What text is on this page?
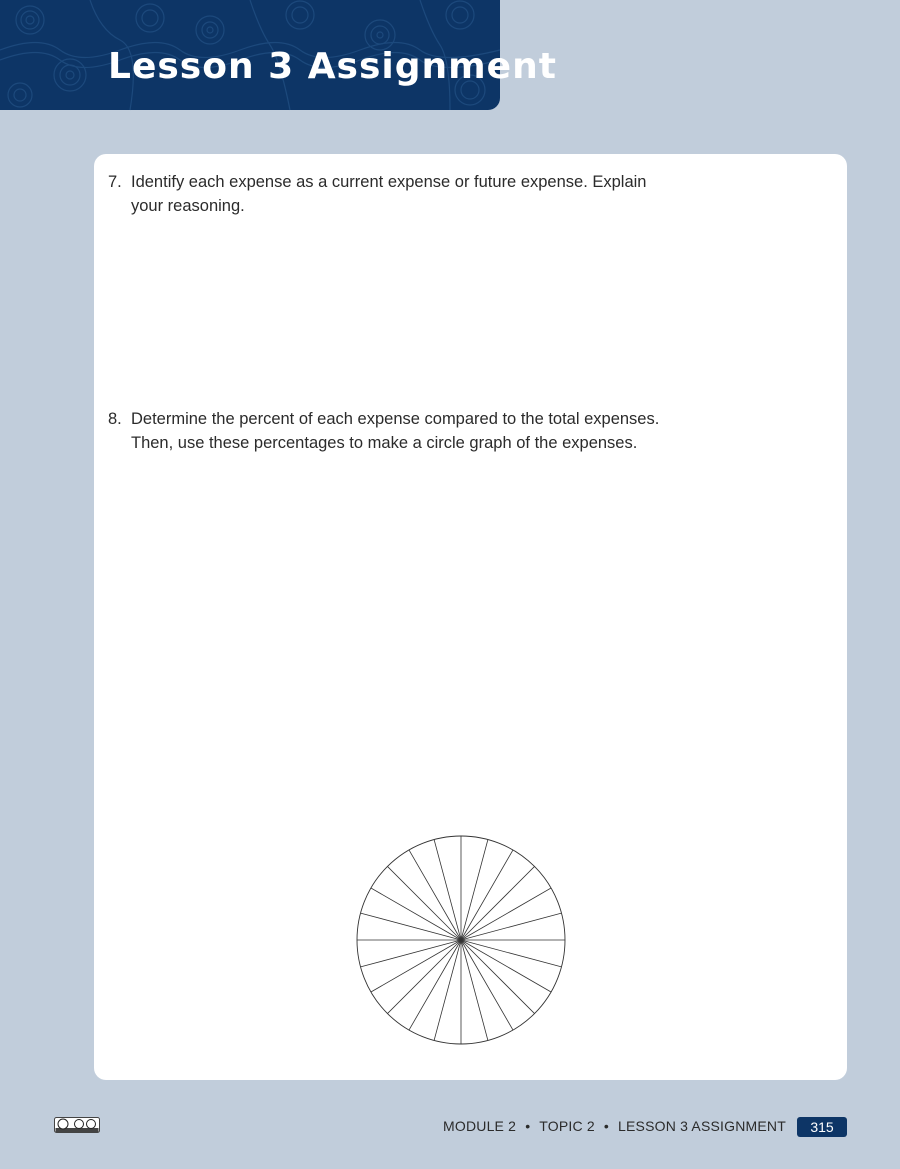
Lesson 3 Assignment
7. Identify each expense as a current expense or future expense. Explain your reasoning.
8. Determine the percent of each expense compared to the total expenses. Then, use these percentages to make a circle graph of the expenses.
MODULE 2 • TOPIC 2 • LESSON 3 ASSIGNMENT	315
